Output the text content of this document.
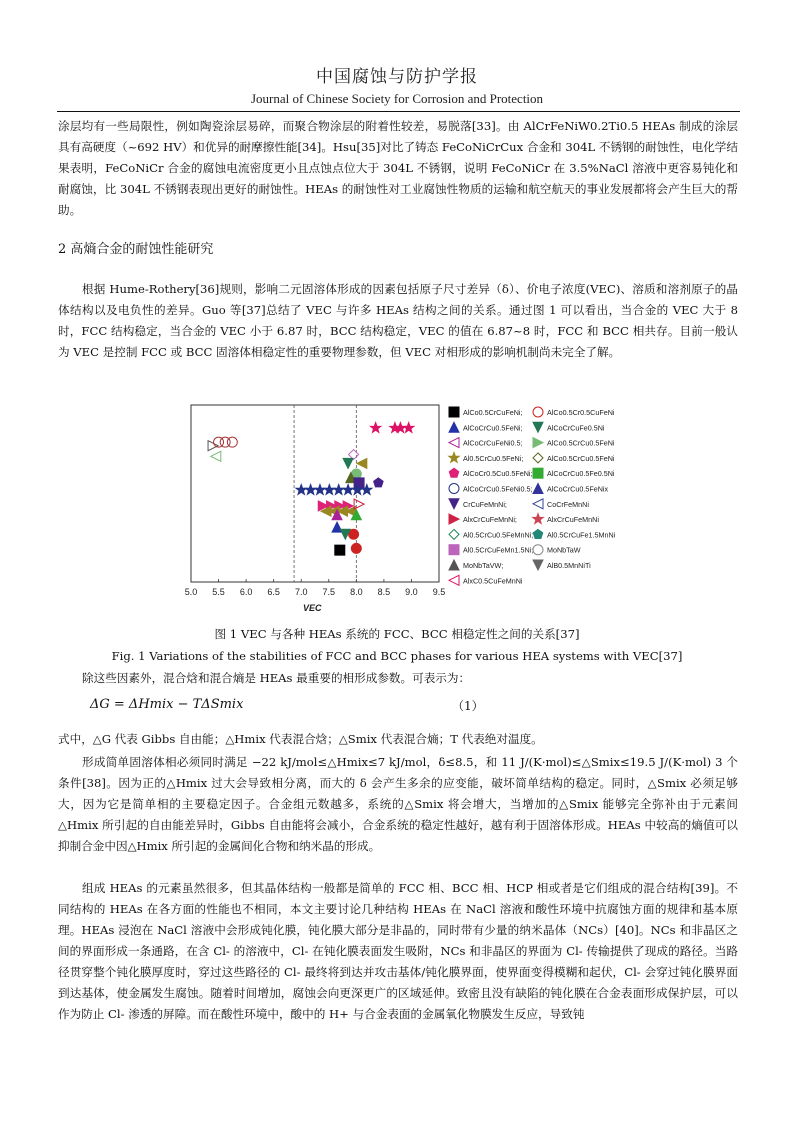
中国腐蚀与防护学报
Journal of Chinese Society for Corrosion and Protection

涂层均有一些局限性，例如陶瓷涂层易碎，而聚合物涂层的附着性较差，易脱落[33]。由 AlCrFeNiW0.2Ti0.5 HEAs 制成的涂层具有高硬度（~692 HV）和优异的耐摩擦性能[34]。Hsu[35]对比了铸态 FeCoNiCrCux 合金和 304L 不锈钢的耐蚀性，电化学结果表明，FeCoNiCr 合金的腐蚀电流密度更小且点蚀点位大于 304L 不锈钢，说明 FeCoNiCr 在 3.5%NaCl 溶液中更容易钝化和耐腐蚀，比 304L 不锈钢表现出更好的耐蚀性。HEAs 的耐蚀性对工业腐蚀性物质的运输和航空航天的事业发展都将会产生巨大的帮助。

2 高熵合金的耐蚀性能研究

根据 Hume-Rothery[36]规则，影响二元固溶体形成的因素包括原子尺寸差异（δ）、价电子浓度(VEC)、溶质和溶剂原子的晶体结构以及电负性的差异。Guo 等[37]总结了 VEC 与许多 HEAs 结构之间的关系。通过图 1 可以看出，当合金的 VEC 大于 8 时，FCC 结构稳定，当合金的 VEC 小于 6.87 时，BCC 结构稳定，VEC 的值在 6.87~8 时，FCC 和 BCC 相共存。目前一般认为 VEC 是控制 FCC 或 BCC 固溶体相稳定性的重要物理参数，但 VEC 对相形成的影响机制尚未完全了解。

5.0 5.5 6.0 6.5 7.0 7.5 8.0 8.5 9.0 9.5
VEC
AlCo0.5CrCuFeNi;	AlCo0.5Cr0.5CuFeNi
AlCoCrCu0.5FeNi;	AlCoCrCuFe0.5Ni
AlCoCrCuFeNi0.5;	AlCo0.5CrCu0.5FeNi
Al0.5CrCu0.5FeNi;	AlCo0.5CrCu0.5FeNi
AlCoCr0.5Cu0.5FeNi; AlCoCrCu0.5Fe0.5Ni
AlCoCrCu0.5FeNi0.5; AlCoCrCu0.5FeNix
CrCuFeMnNi;	CoCrFeMnNi
AlxCrCuFeMnNi;	AlxCrCuFeMnNi
Al0.5CrCu0.5FeMnNi; Al0.5CrCuFe1.5MnNi
Al0.5CrCuFeMn1.5Ni; MoNbTaW
MoNbTaVW;	AlB0.5MnNiTi
AlxC0.5CuFeMnNi
图 1 VEC 与各种 HEAs 系统的 FCC、BCC 相稳定性之间的关系[37]
Fig. 1 Variations of the stabilities of FCC and BCC phases for various HEA systems with VEC[37]

除这些因素外，混合焓和混合熵是 HEAs 最重要的相形成参数。可表示为：

ΔG = ΔHmix − TΔSmix	（1）

式中，△G 代表 Gibbs 自由能；△Hmix 代表混合焓；△Smix 代表混合熵；T 代表绝对温度。

形成简单固溶体相必须同时满足 −22 kJ/mol≤△Hmix≤7 kJ/mol，δ≤8.5，和 11 J/(K·mol)≤△Smix≤19.5 J/(K·mol) 3 个条件[38]。因为正的△Hmix 过大会导致相分离，而大的 δ 会产生多余的应变能，破坏简单结构的稳定。同时，△Smix 必须足够大，因为它是简单相的主要稳定因子。合金组元数越多，系统的△Smix 将会增大，当增加的△Smix 能够完全弥补由于元素间△Hmix 所引起的自由能差异时，Gibbs 自由能将会减小，合金系统的稳定性越好，越有利于固溶体形成。HEAs 中较高的熵值可以抑制合金中因△Hmix 所引起的金属间化合物和纳米晶的形成。

组成 HEAs 的元素虽然很多，但其晶体结构一般都是简单的 FCC 相、BCC 相、HCP 相或者是它们组成的混合结构[39]。不同结构的 HEAs 在各方面的性能也不相同，本文主要讨论几种结构 HEAs 在 NaCl 溶液和酸性环境中抗腐蚀方面的规律和基本原理。HEAs 浸泡在 NaCl 溶液中会形成钝化膜，钝化膜大部分是非晶的，同时带有少量的纳米晶体（NCs）[40]。NCs 和非晶区之间的界面形成一条通路，在含 Cl- 的溶液中，Cl- 在钝化膜表面发生吸附，NCs 和非晶区的界面为 Cl- 传输提供了现成的路径。当路径贯穿整个钝化膜厚度时，穿过这些路径的 Cl- 最终将到达并攻击基体/钝化膜界面，使界面变得模糊和起伏，Cl- 会穿过钝化膜界面到达基体，使金属发生腐蚀。随着时间增加，腐蚀会向更深更广的区域延伸。致密且没有缺陷的钝化膜在合金表面形成保护层，可以作为防止 Cl- 渗透的屏障。而在酸性环境中，酸中的 H+ 与合金表面的金属氧化物膜发生反应，导致钝
